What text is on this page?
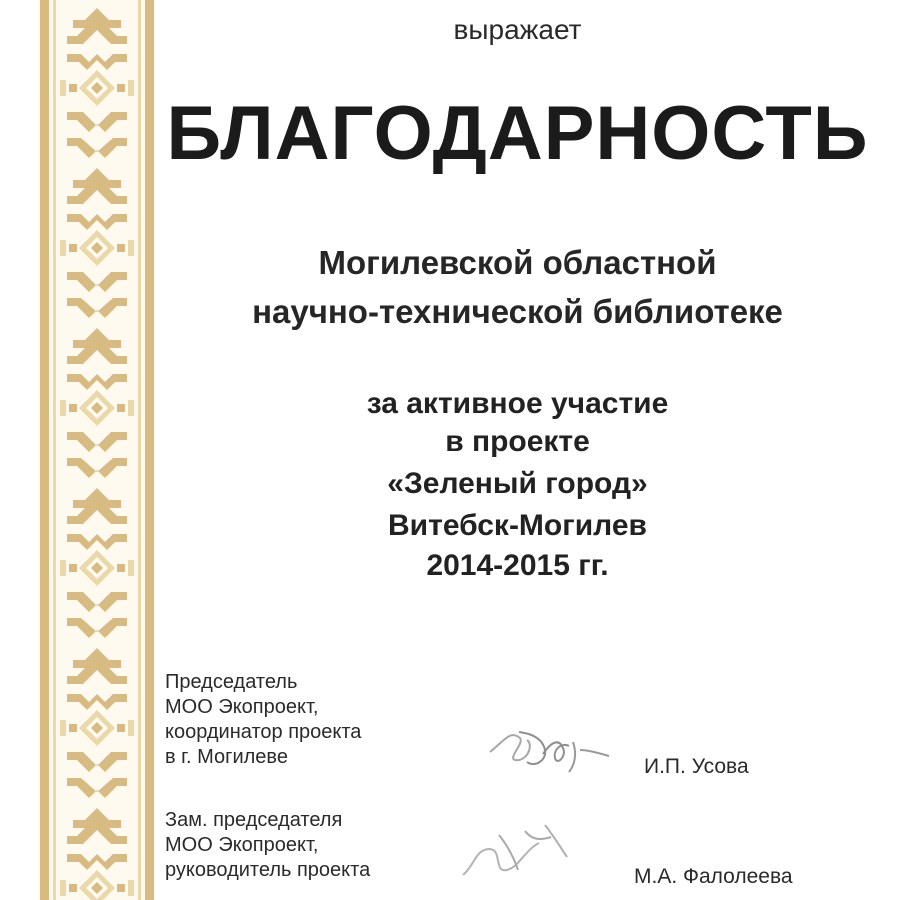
выражает
БЛАГОДАРНОСТЬ
Могилевской областной
научно-технической библиотеке
за активное участие
в проекте
«Зеленый город»
Витебск-Могилев
2014-2015 гг.
Председатель
МОО Экопроект,
координатор проекта
в г. Могилеве	И.П. Усова
Зам. председателя
МОО Экопроект,
руководитель проекта	М.А. Фалолеева
